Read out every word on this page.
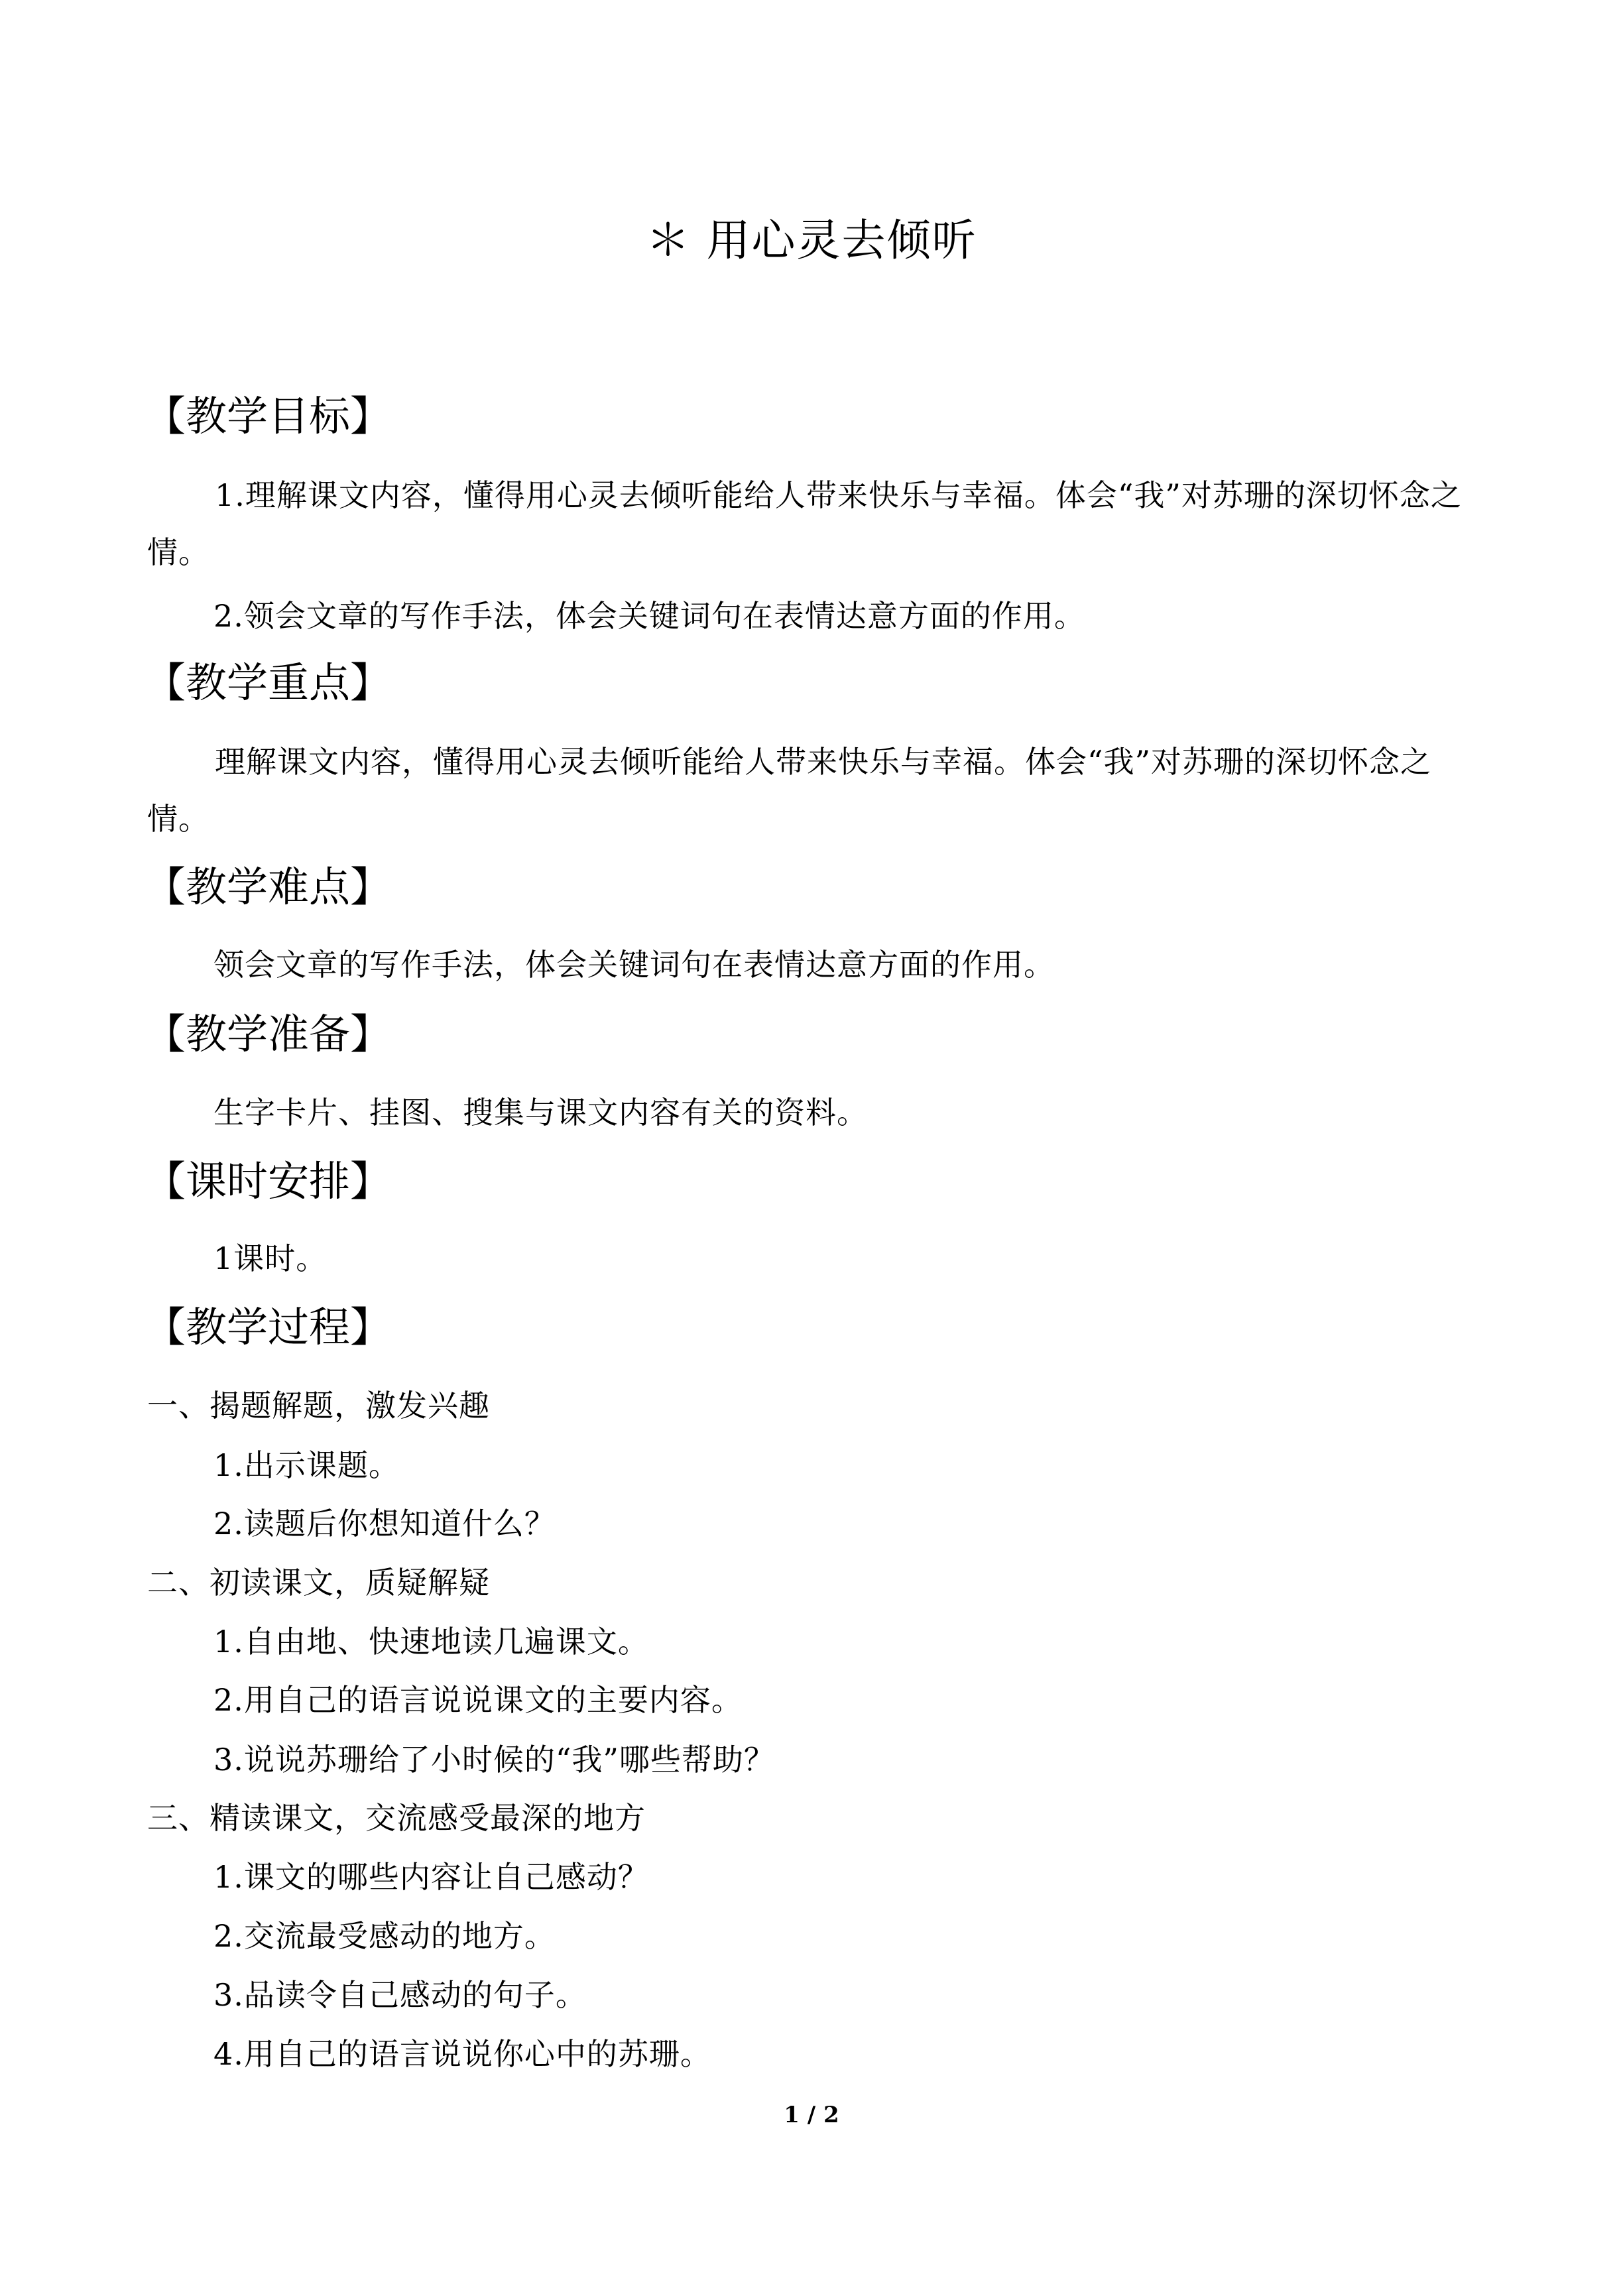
＊ 用心灵去倾听
【教学目标】

1.理解课文内容，懂得用心灵去倾听能给人带来快乐与幸福。体会“我”对苏珊的深切怀念之情。

2.领会文章的写作手法，体会关键词句在表情达意方面的作用。
【教学重点】

理解课文内容，懂得用心灵去倾听能给人带来快乐与幸福。体会“我”对苏珊的深切怀念之情。

【教学难点】
领会文章的写作手法，体会关键词句在表情达意方面的作用。
【教学准备】
生字卡片、挂图、搜集与课文内容有关的资料。
【课时安排】
1课时。
【教学过程】
一、揭题解题，激发兴趣
1.出示课题。
2.读题后你想知道什么？
二、初读课文，质疑解疑
1.自由地、快速地读几遍课文。
2.用自己的语言说说课文的主要内容。
3.说说苏珊给了小时候的“我”哪些帮助？
三、精读课文，交流感受最深的地方
1.课文的哪些内容让自己感动？
2.交流最受感动的地方。
3.品读令自己感动的句子。
4.用自己的语言说说你心中的苏珊。
1 / 2
